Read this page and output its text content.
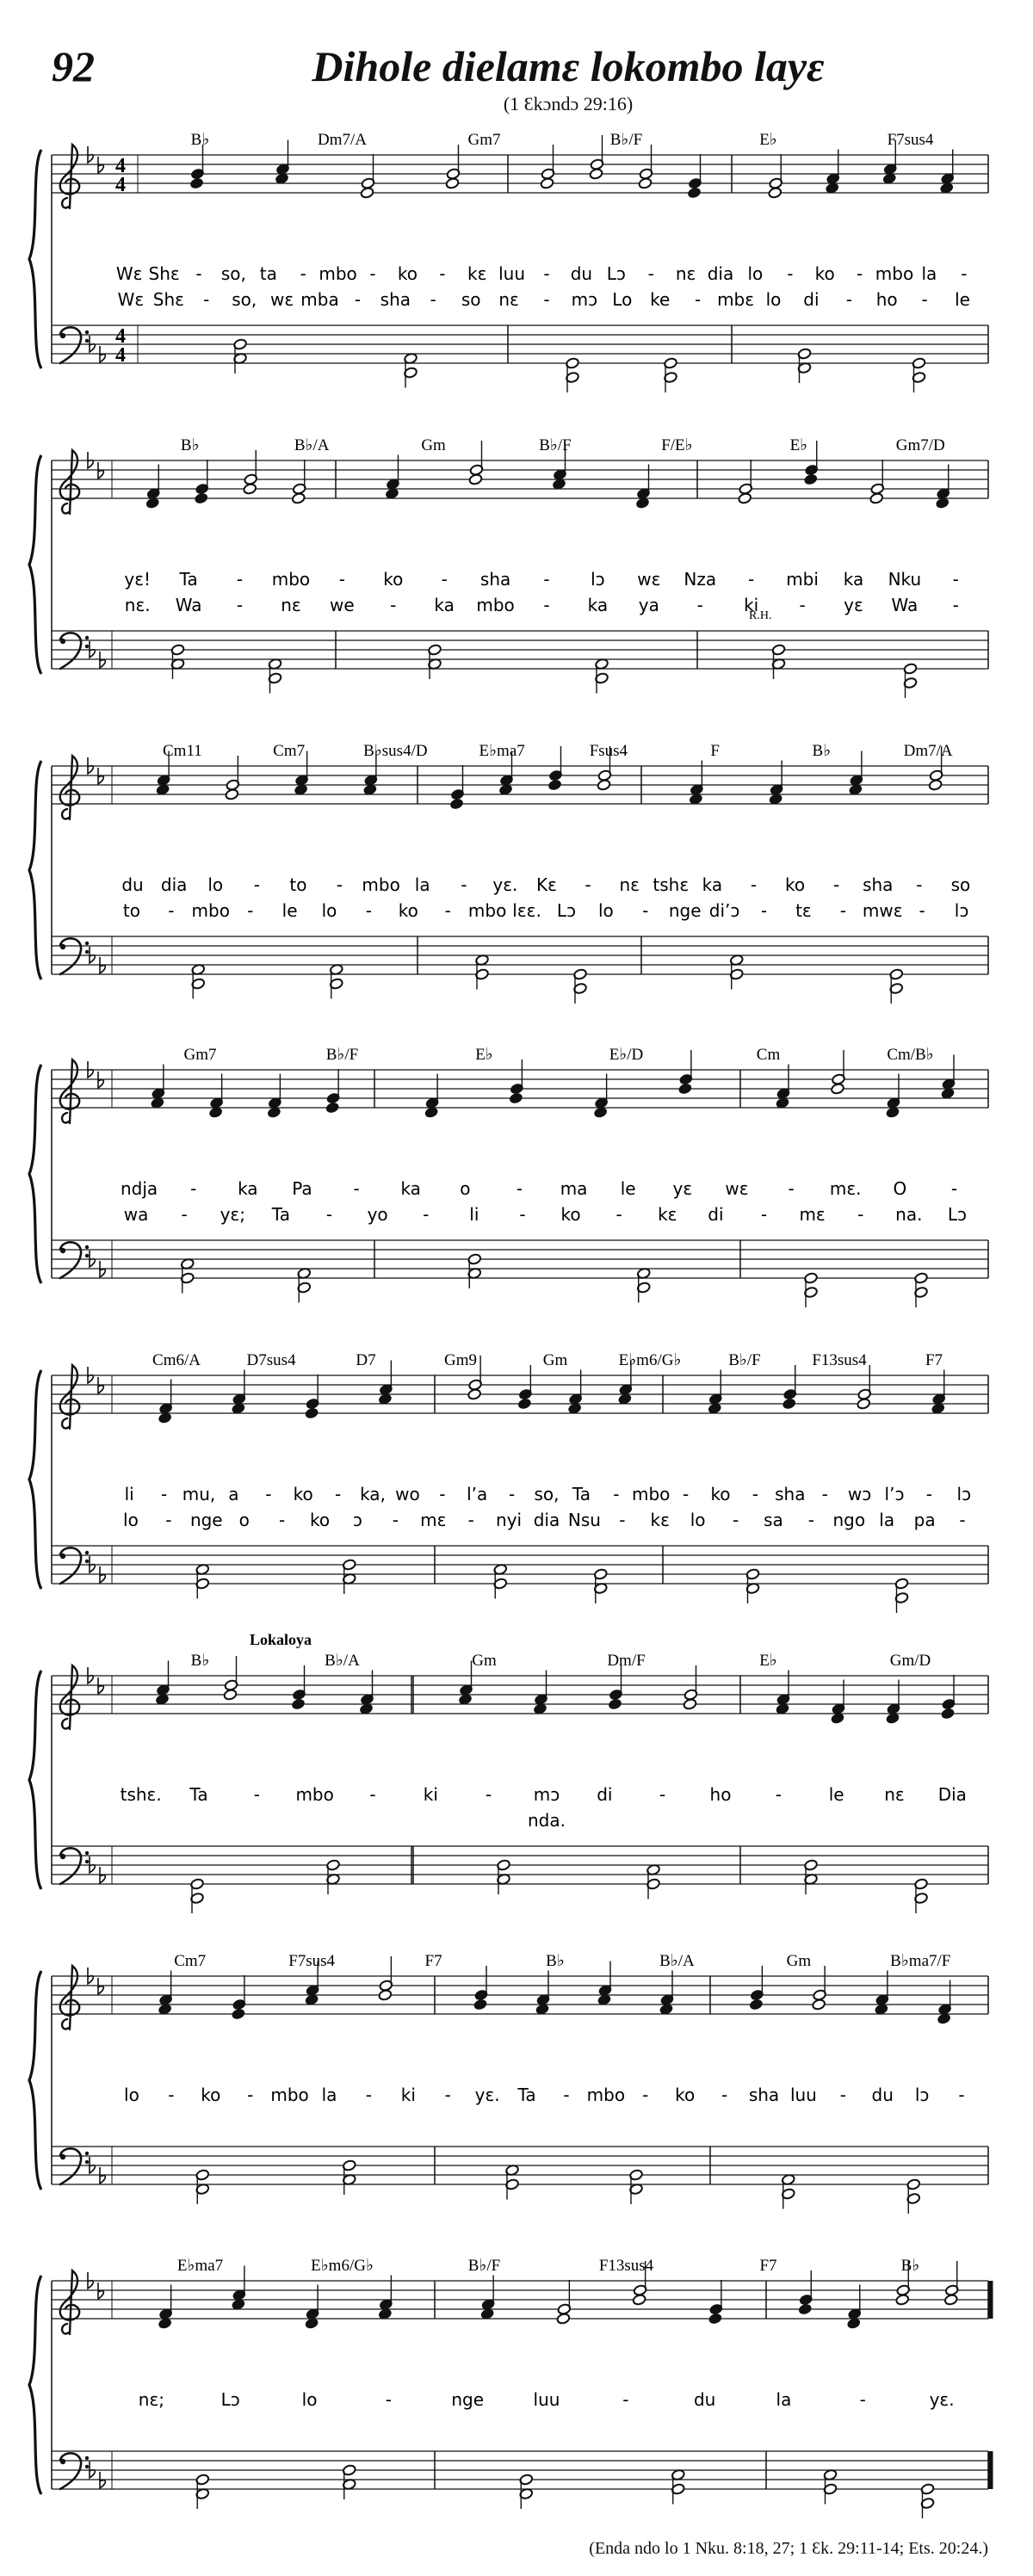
92	Dihole dielamɛ lokombo layɛ
(1 Ɛkɔndɔ 29:16)
4
4
4
4
B♭	Dm7/A	Gm7	B♭/F	E♭	F7sus4
Wɛ Shɛ - so, ta - mbo - ko - kɛ luu - du Lɔ - nɛ dia lo - ko - mbo la -
Wɛ Shɛ - so, wɛ mba - sha - so nɛ - mɔ Lo ke - mbɛ lo di - ho - le
B♭	B♭/A	Gm	B♭/F	F/E♭	E♭	Gm7/D
yɛ! Ta - mbo - ko - sha - lɔ wɛ Nza - mbi ka Nku -
nɛ. Wa - nɛ we - ka mbo - ka ya - ki - yɛ Wa -
R.H.
Cm11	Cm7	B♭sus4/D	E♭ma7	Fsus4	F	B♭	Dm7/A
du dia lo - to - mbo la - yɛ. Kɛ - nɛ tshɛ ka - ko - sha - so
to - mbo - le lo - ko - mbo lɛɛ. Lɔ lo - nge di’ɔ - tɛ - mwɛ - lɔ
Gm7	B♭/F	E♭	E♭/D	Cm	Cm/B♭
ndja - ka Pa - ka o	- ma le yɛ wɛ - mɛ. O	-
wa - yɛ; Ta - yo - li - ko - kɛ di - mɛ - na. Lɔ
Cm6/A	D7sus4	D7	Gm9	Gm	E♭m6/G♭	B♭/F	F13sus4	F7
li - mu, a - ko - ka, wo - l’a - so, Ta - mbo - ko - sha - wɔ l’ɔ - lɔ
lo - nge o - ko ɔ - mɛ - nyi dia Nsu - kɛ lo - sa - ngo la pa -
B♭	B♭/A	Gm	Dm/F	E♭	Gm/D
tshɛ. Ta	- mbo -	ki	- mɔ di	-	ho	-	le nɛ Dia
nda.
Lokaloya
Cm7	F7sus4	F7	B♭	B♭/A	Gm	B♭ma7/F
lo - ko - mbo la - ki - yɛ. Ta - mbo - ko - sha luu - du lɔ -
E♭ma7	E♭m6/G♭	B♭/F	F13sus4	F7	B♭
nɛ;	Lɔ	lo	-	nge	luu	-	du	la	-	yɛ.
(Enda ndo lo 1 Nku. 8:18, 27; 1 Ɛk. 29:11-14; Ets. 20:24.)
